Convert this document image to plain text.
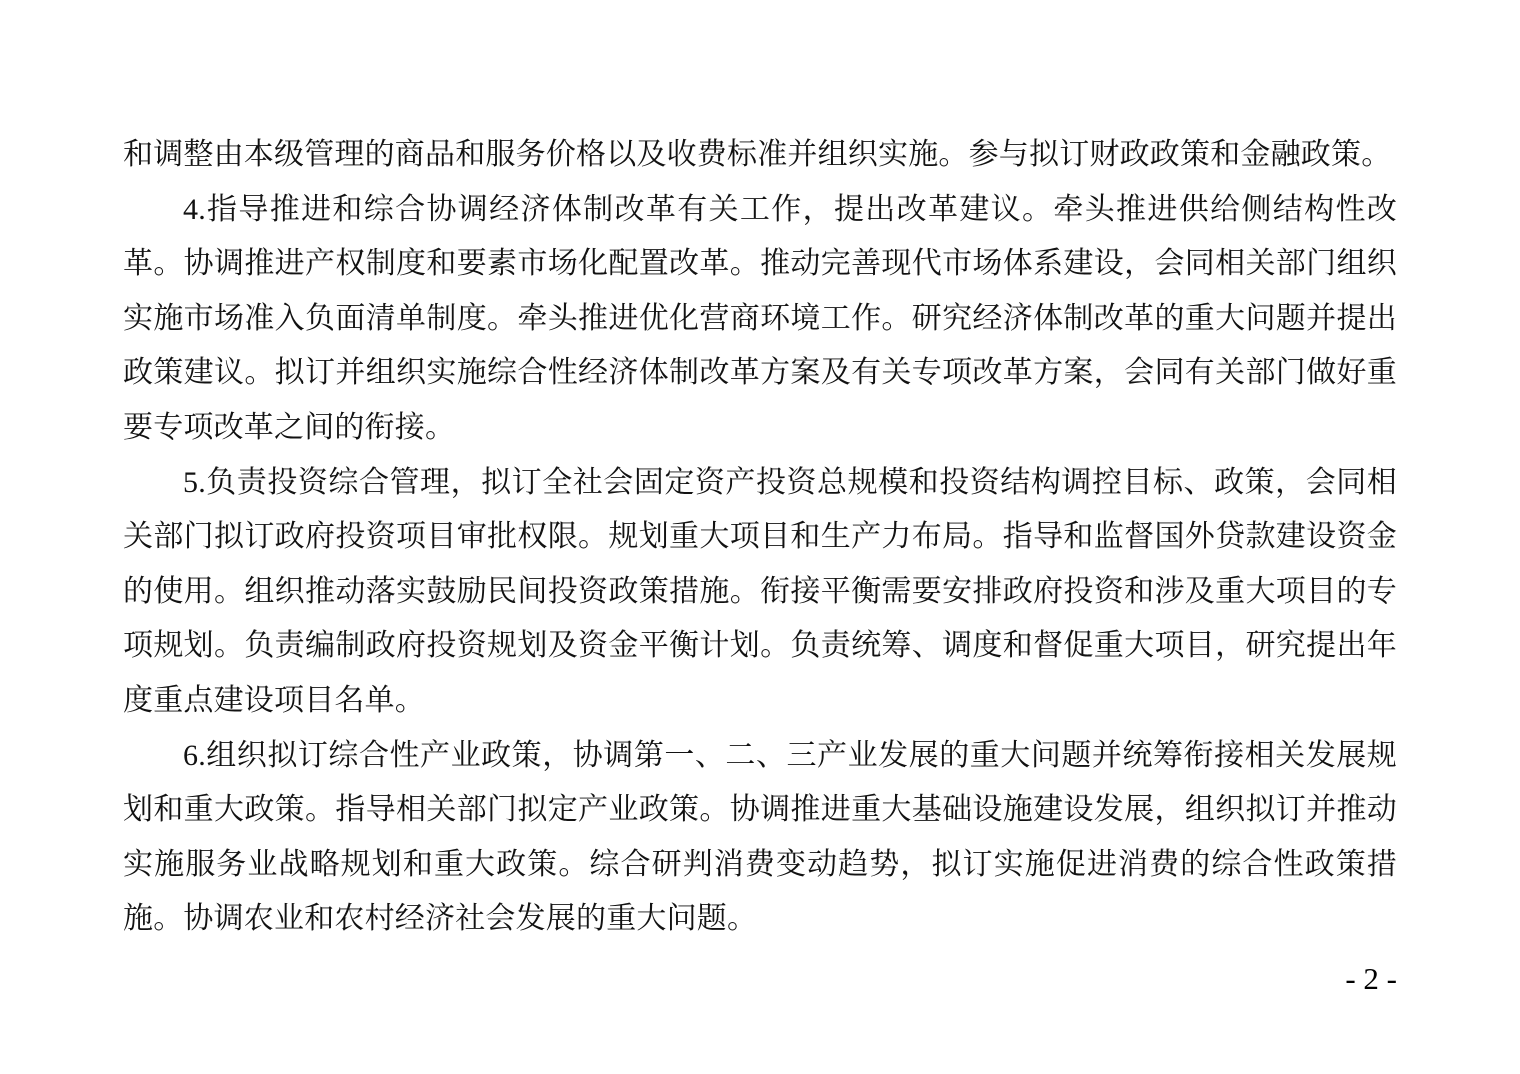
和调整由本级管理的商品和服务价格以及收费标准并组织实施。参与拟订财政政策和金融政策。

4.指导推进和综合协调经济体制改革有关工作，提出改革建议。牵头推进供给侧结构性改革。协调推进产权制度和要素市场化配置改革。推动完善现代市场体系建设，会同相关部门组织实施市场准入负面清单制度。牵头推进优化营商环境工作。研究经济体制改革的重大问题并提出政策建议。拟订并组织实施综合性经济体制改革方案及有关专项改革方案，会同有关部门做好重要专项改革之间的衔接。

5.负责投资综合管理，拟订全社会固定资产投资总规模和投资结构调控目标、政策，会同相关部门拟订政府投资项目审批权限。规划重大项目和生产力布局。指导和监督国外贷款建设资金的使用。组织推动落实鼓励民间投资政策措施。衔接平衡需要安排政府投资和涉及重大项目的专项规划。负责编制政府投资规划及资金平衡计划。负责统筹、调度和督促重大项目，研究提出年度重点建设项目名单。

6.组织拟订综合性产业政策，协调第一、二、三产业发展的重大问题并统筹衔接相关发展规划和重大政策。指导相关部门拟定产业政策。协调推进重大基础设施建设发展，组织拟订并推动实施服务业战略规划和重大政策。综合研判消费变动趋势，拟订实施促进消费的综合性政策措施。协调农业和农村经济社会发展的重大问题。

- 2 -
